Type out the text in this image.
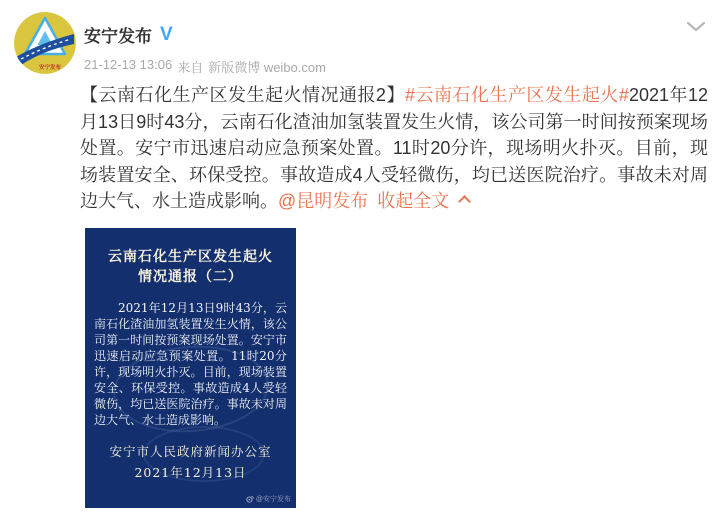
安宁发布
安宁发布 V
21-12-13 13:06 来自 新版微博 weibo.com
【云南石化生产区发生起火情况通报2】#云南石化生产区发生起火#2021年12月13日9时43分，云南石化渣油加氢装置发生火情，该公司第一时间按预案现场处置。安宁市迅速启动应急预案处置。11时20分许，现场明火扑灭。目前，现场装置安全、环保受控。事故造成4人受轻微伤，均已送医院治疗。事故未对周边大气、水土造成影响。@昆明发布 收起全文
云南石化生产区发生起火
情况通报（二）

2021年12月13日9时43分，云南石化渣油加氢装置发生火情，该公司第一时间按预案现场处置。安宁市迅速启动应急预案处置。11时20分许，现场明火扑灭。目前，现场装置安全、环保受控。事故造成4人受轻微伤，均已送医院治疗。事故未对周边大气、水土造成影响。

安宁市人民政府新闻办公室
2021年12月13日
@安宁发布
